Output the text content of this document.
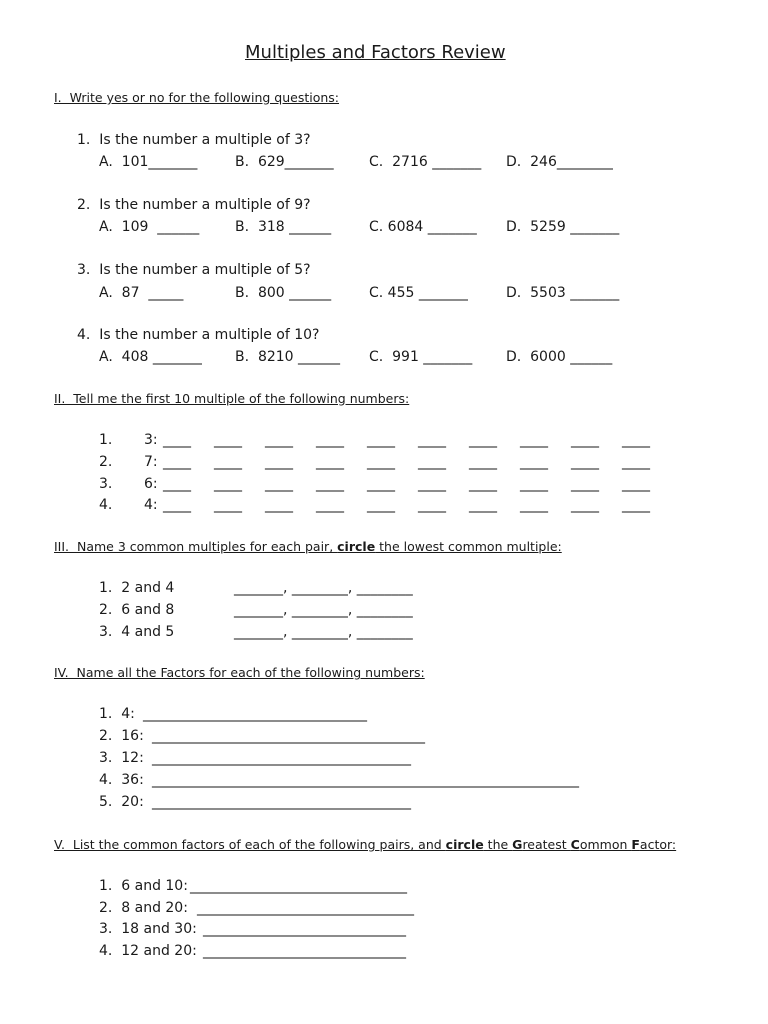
Multiples and Factors Review
I.  Write yes or no for the following questions:
1.  Is the number a multiple of 3?
A.  101_______	B.  629_______	C.  2716 _______ D.  246________
2.  Is the number a multiple of 9?
A.  109  ______	B.  318 ______	C. 6084 _______ D.  5259 _______
3.  Is the number a multiple of 5?
A.  87  _____	B.  800 ______	C. 455 _______	D.  5503 _______
4.  Is the number a multiple of 10?
A.  408 _______ B.  8210 ______ C.  991 _______ D.  6000 ______
II.  Tell me the first 10 multiple of the following numbers:
1. 3: ____ ____ ____ ____ ____ ____ ____ ____ ____ ____
2. 7: ____ ____ ____ ____ ____ ____ ____ ____ ____ ____
3. 6: ____ ____ ____ ____ ____ ____ ____ ____ ____ ____
4. 4: ____ ____ ____ ____ ____ ____ ____ ____ ____ ____
III.  Name 3 common multiples for each pair, circle the lowest common multiple:
1.  2 and 4	_______, ________, ________
2.  6 and 8	_______, ________, ________
3.  4 and 5	_______, ________, ________
IV.  Name all the Factors for each of the following numbers:
1.  4: ________________________________
2.  16: _______________________________________
3.  12: _____________________________________
4.  36: _____________________________________________________________
5.  20: _____________________________________
V.  List the common factors of each of the following pairs, and circle the Greatest Common Factor:
1.  6 and 10: _______________________________
2.  8 and 20: _______________________________
3.  18 and 30: _____________________________
4.  12 and 20: _____________________________
